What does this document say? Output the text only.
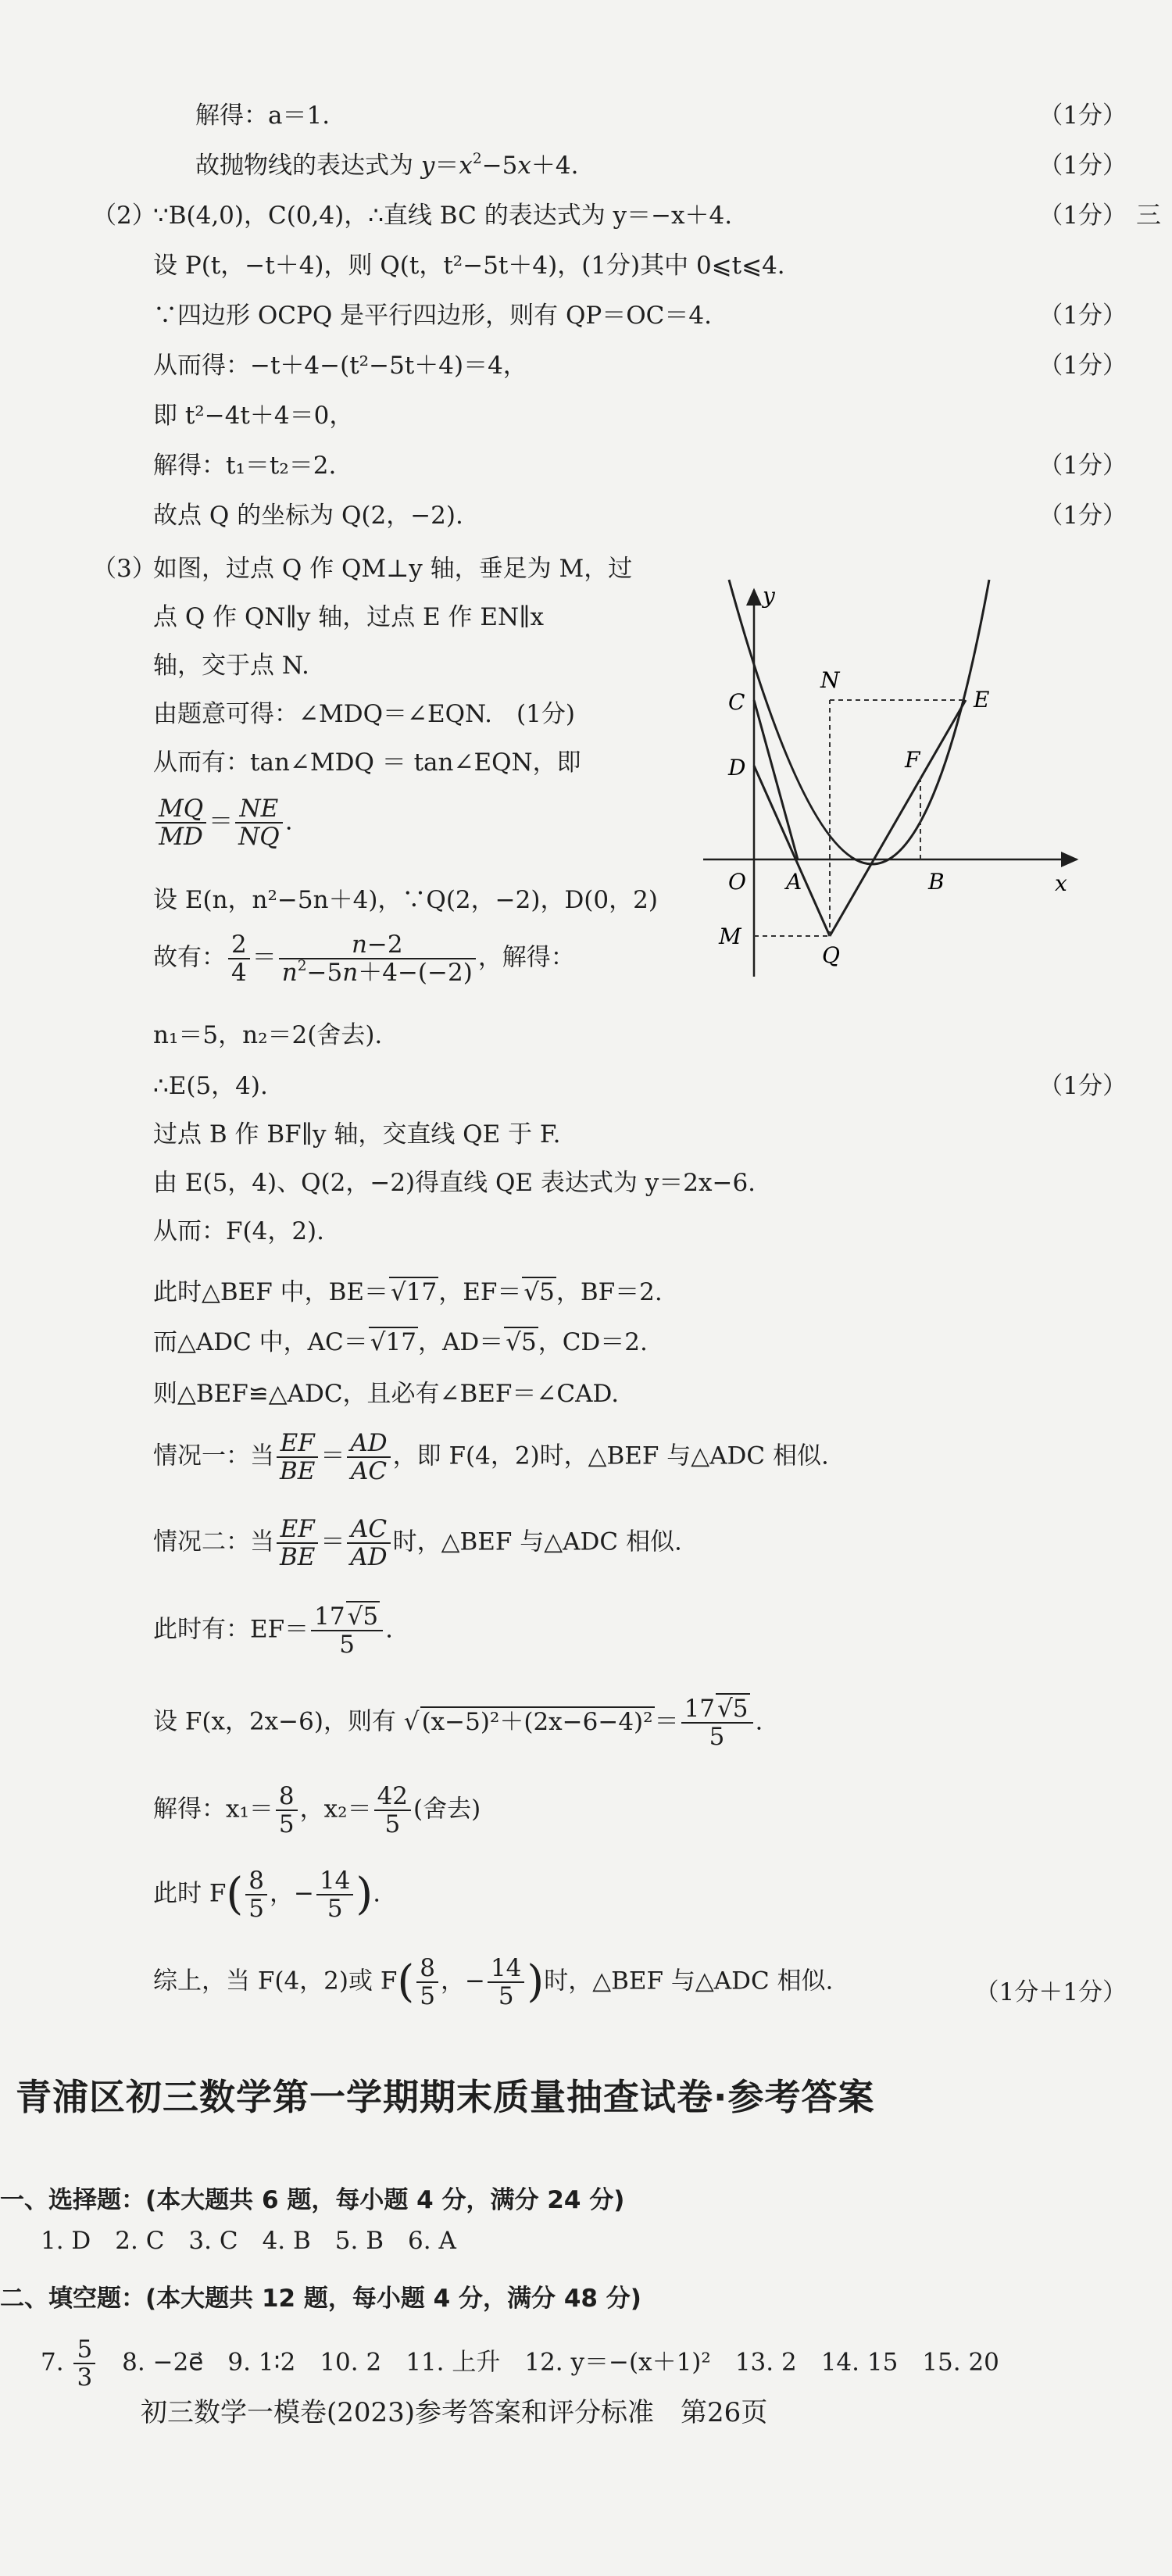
解得：a＝1.	（1分）
故抛物线的表达式为 $y=x^2-5x+4$.	（1分）
三
（2）
∵B(4,0)，C(0,4)，∴直线 BC 的表达式为 y＝−x＋4.	（1分）
设 P(t，−t＋4)，则 Q(t，t²−5t＋4)，(1分)其中 0⩽t⩽4.
∵四边形 OCPQ 是平行四边形，则有 QP＝OC＝4.	（1分）
从而得：−t＋4−(t²−5t＋4)＝4，	（1分）
即 t²−4t＋4＝0，
解得：t₁＝t₂＝2.	（1分）
故点 Q 的坐标为 Q(2，−2).	（1分）
（3）
如图，过点 Q 作 QM⊥y 轴，垂足为 M，过
点 Q 作 QN∥y 轴，过点 E 作 EN∥x
轴，交于点 N.
由题意可得：∠MDQ＝∠EQN.　(1分)
从而有：tan∠MDQ ＝ tan∠EQN，即
$\frac{MQ}{MD} = \frac{NE}{NQ}$ .
设 E(n，n²−5n＋4)，∵Q(2，−2)，D(0，2)
故有： $\frac{2}{4} = \frac{n-2}{n^2-5n+4-(-2)}$ ，解得：
n₁＝5，n₂＝2(舍去).
∴E(5，4).	（1分）
过点 B 作 BF∥y 轴，交直线 QE 于 F.
由 E(5，4)、Q(2，−2)得直线 QE 表达式为 y＝2x−6.
从而：F(4，2).
此时△BEF 中，BE＝√17，EF＝√5，BF＝2.
而△ADC 中，AC＝√17，AD＝√5，CD＝2.
则△BEF≌△ADC，且必有∠BEF＝∠CAD.
情况一：当 $\frac{EF}{BE} = \frac{AD}{AC}$ ，即 F(4，2)时，△BEF 与△ADC 相似.
情况二：当 $\frac{EF}{BE} = \frac{AC}{AD}$ 时，△BEF 与△ADC 相似.
此时有：$EF= \frac{17√5}{5}$ .
设 F(x，2x−6)，则有 $√(x-5)^2+(2x-6-4)^2= \frac{17√5}{5}$ .
解得：$x_1= \frac{8}{5}$ ，$x_2= \frac{42}{5}$ (舍去)
此时 $F( \frac{8}{5}$ ，− $\frac{14}{5}$ ).
综上，当 F(4，2)或 $F( \frac{8}{5}$ ，− $\frac{14}{5}$ )时，△BEF 与△ADC 相似.	（1分＋1分）
y
x
N
E
C
D	F
O A	B
M
Q
青浦区初三数学第一学期期末质量抽查试卷·参考答案
一、选择题：(本大题共 6 题，每小题 4 分，满分 24 分)
1. D　2. C　3. C　4. B　5. B　6. A
二、填空题：(本大题共 12 题，每小题 4 分，满分 48 分)
7. $\frac{5}{3}$
　 8. −2e⃗　9. 1∶2　10. 2　11. 上升　12. y＝−(x＋1)²　13. 2　14. 15　15. 20
初三数学一模卷(2023)参考答案和评分标准　第26页
